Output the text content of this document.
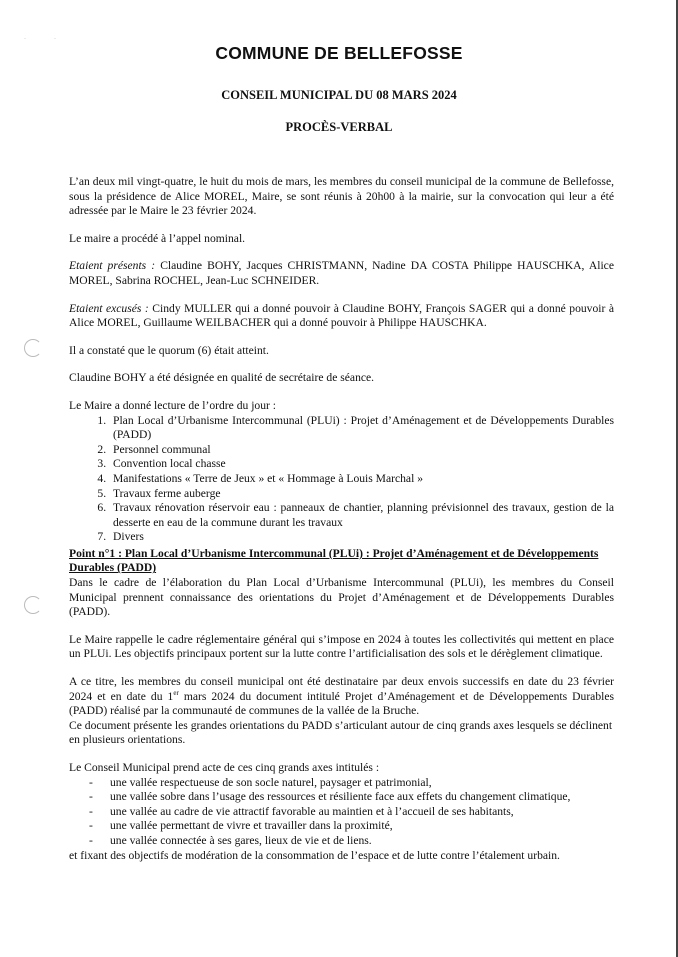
·	·
COMMUNE DE BELLEFOSSE
CONSEIL MUNICIPAL DU 08 MARS 2024
PROCÈS-VERBAL

L’an deux mil vingt-quatre, le huit du mois de mars, les membres du conseil municipal de la commune de Bellefosse, sous la présidence de Alice MOREL, Maire, se sont réunis à 20h00 à la mairie, sur la convocation qui leur a été adressée par le Maire le 23 février 2024.

Le maire a procédé à l’appel nominal.

Etaient présents : Claudine BOHY, Jacques CHRISTMANN, Nadine DA COSTA Philippe HAUSCHKA, Alice MOREL, Sabrina ROCHEL, Jean-Luc SCHNEIDER.

Etaient excusés : Cindy MULLER qui a donné pouvoir à Claudine BOHY, François SAGER qui a donné pouvoir à Alice MOREL, Guillaume WEILBACHER qui a donné pouvoir à Philippe HAUSCHKA.

Il a constaté que le quorum (6) était atteint.

Claudine BOHY a été désignée en qualité de secrétaire de séance.

Le Maire a donné lecture de l’ordre du jour :
1. Plan Local d’Urbanisme Intercommunal (PLUi) : Projet d’Aménagement et de Développements Durables (PADD)
2. Personnel communal
3. Convention local chasse
4. Manifestations « Terre de Jeux » et « Hommage à Louis Marchal »
5. Travaux ferme auberge
6. Travaux rénovation réservoir eau : panneaux de chantier, planning prévisionnel des travaux, gestion de la desserte en eau de la commune durant les travaux
7. Divers
Point n°1 : Plan Local d’Urbanisme Intercommunal (PLUi) : Projet d’Aménagement et de Développements Durables (PADD)

Dans le cadre de l’élaboration du Plan Local d’Urbanisme Intercommunal (PLUi), les membres du Conseil Municipal prennent connaissance des orientations du Projet d’Aménagement et de Développements Durables (PADD).

Le Maire rappelle le cadre réglementaire général qui s’impose en 2024 à toutes les collectivités qui mettent en place un PLUi. Les objectifs principaux portent sur la lutte contre l’artificialisation des sols et le dérèglement climatique.

A ce titre, les membres du conseil municipal ont été destinataire par deux envois successifs en date du 23 février 2024 et en date du 1er mars 2024 du document intitulé Projet d’Aménagement et de Développements Durables (PADD) réalisé par la communauté de communes de la vallée de la Bruche.

Ce document présente les grandes orientations du PADD s’articulant autour de cinq grands axes lesquels se déclinent en plusieurs orientations.

Le Conseil Municipal prend acte de ces cinq grands axes intitulés :
- une vallée respectueuse de son socle naturel, paysager et patrimonial,
- une vallée sobre dans l’usage des ressources et résiliente face aux effets du changement climatique,
- une vallée au cadre de vie attractif favorable au maintien et à l’accueil de ses habitants,
- une vallée permettant de vivre et travailler dans la proximité,
- une vallée connectée à ses gares, lieux de vie et de liens.
et fixant des objectifs de modération de la consommation de l’espace et de lutte contre l’étalement urbain.
